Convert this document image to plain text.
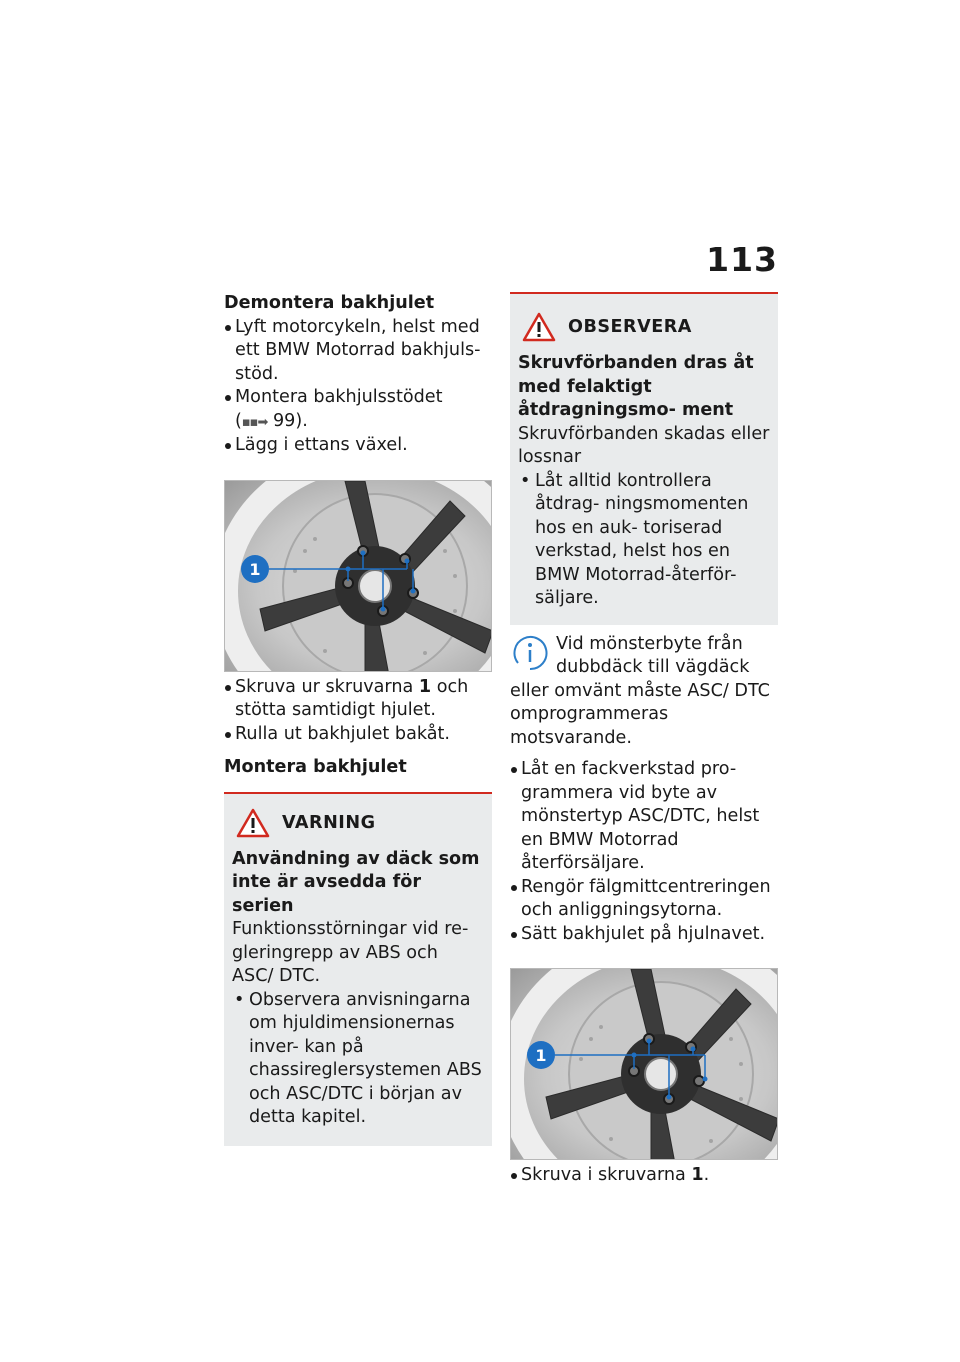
113
Demontera bakhjulet
Lyft motorcykeln, helst med ett BMW Motorrad bakhjuls- stöd.
Montera bakhjulsstödet
(▪▪➡ 99).
Lägg i ettans växel.
1
Skruva ur skruvarna 1 och stötta samtidigt hjulet.
Rulla ut bakhjulet bakåt.
Montera bakhjulet
VARNING
Användning av däck som
inte är avsedda för serien
Funktionsstörningar vid re- gleringrepp av ABS och ASC/ DTC.
• Observera anvisningarna om hjuldimensionernas inver- kan på chassireglersystemen ABS och ASC/DTC i början av detta kapitel.
OBSERVERA
Skruvförbanden dras åt med felaktigt åtdragningsmo- ment
Skruvförbanden skadas eller lossnar
• Låt alltid kontrollera åtdrag- ningsmomenten hos en auk- toriserad verkstad, helst hos en BMW Motorrad-återför- säljare.
Vid mönsterbyte från
dubbdäck till vägdäck
eller omvänt måste ASC/ DTC omprogrammeras motsvarande.
Låt en fackverkstad pro- grammera vid byte av mönstertyp ASC/DTC, helst en BMW Motorrad återförsäljare.
Rengör fälgmittcentreringen och anliggningsytorna.
Sätt bakhjulet på hjulnavet.
1
Skruva i skruvarna 1.
